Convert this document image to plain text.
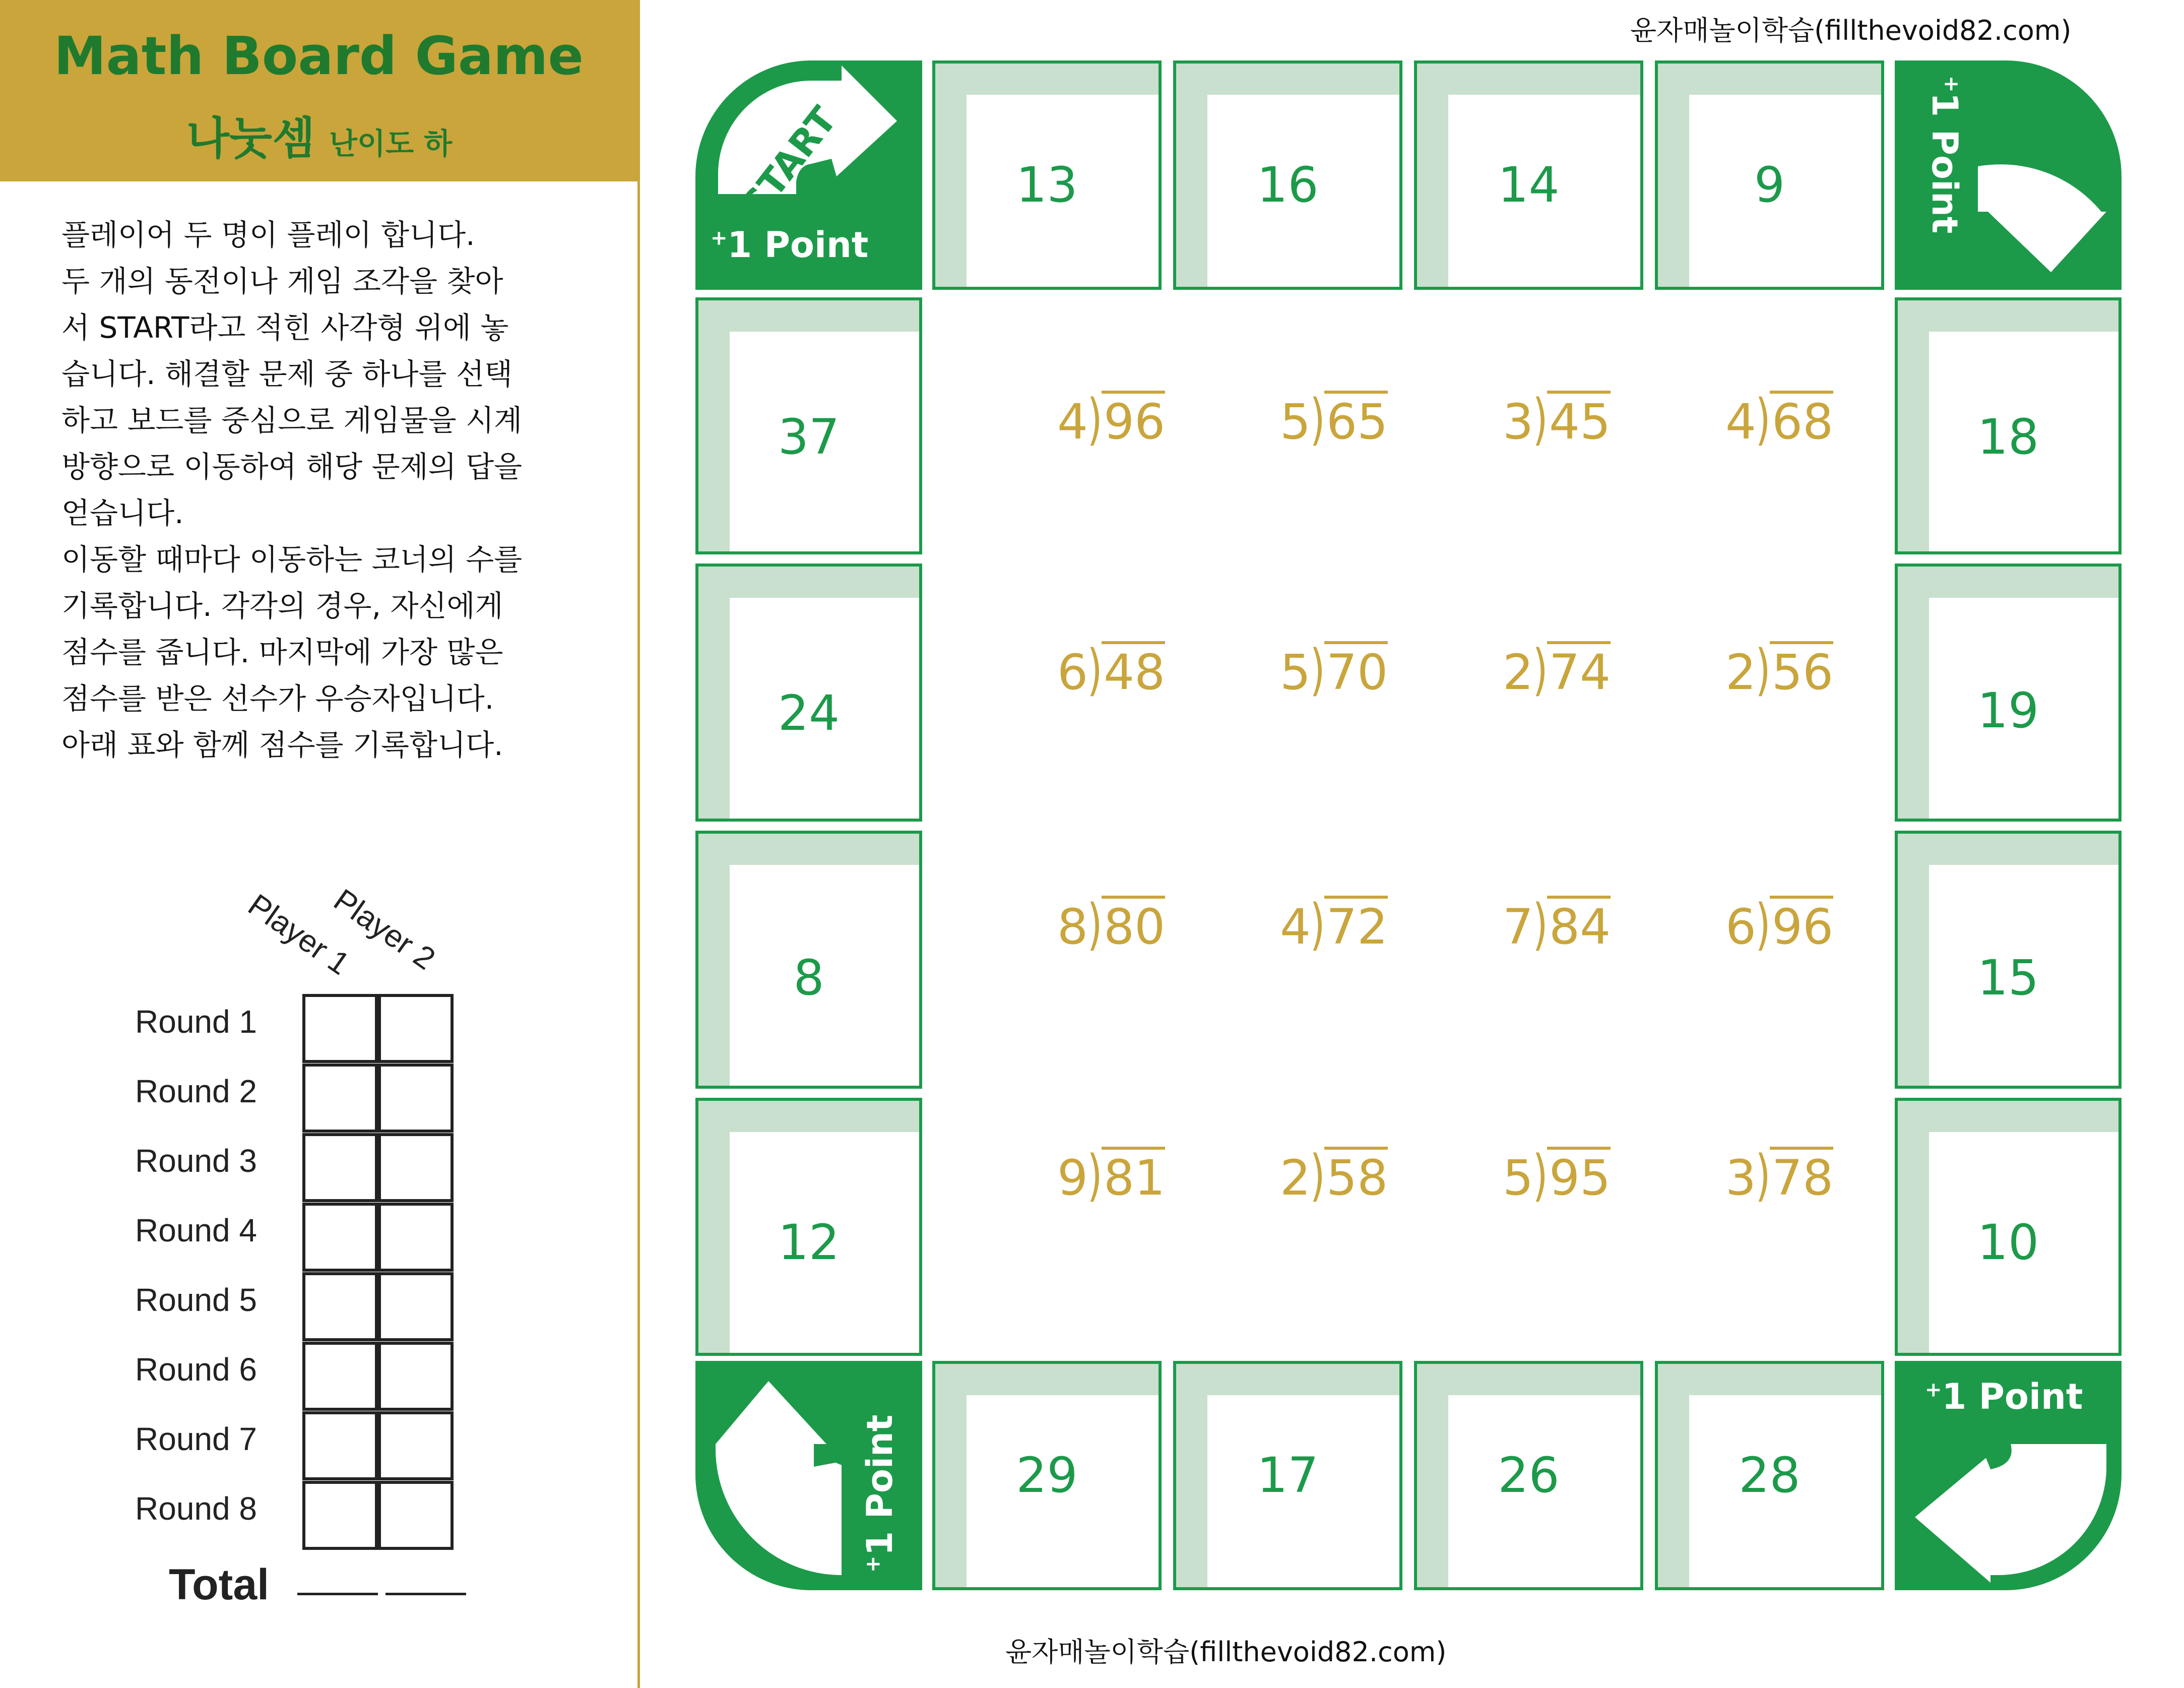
Math Board Game
나눗셈 난이도 하
플레이어 두 명이 플레이 합니다.
두 개의 동전이나 게임 조각을 찾아
서 START라고 적힌 사각형 위에 놓
습니다. 해결할 문제 중 하나를 선택
하고 보드를 중심으로 게임물을 시계
방향으로 이동하여 해당 문제의 답을
얻습니다.
이동할 때마다 이동하는 코너의 수를
기록합니다. 각각의 경우, 자신에게
점수를 줍니다. 마지막에 가장 많은
점수를 받은 선수가 우승자입니다.
아래 표와 함께 점수를 기록합니다.
Player 1
Player 2
Round 1
Round 2
Round 3
Round 4
Round 5
Round 6
Round 7
Round 8
Total
윤자매놀이학습(fillthevoid82.com)
윤자매놀이학습(fillthevoid82.com)
START
+1 Point
+1 Point
+1 Point
+1 Point
13	16	14	9
37
24
8
12
18
19
15
10
29	17	26	28
4)96 5)65 3)45 4)68
6)48 5)70 2)74 2)56
8)80 4)72 7)84 6)96
9)81 2)58 5)95 3)78
